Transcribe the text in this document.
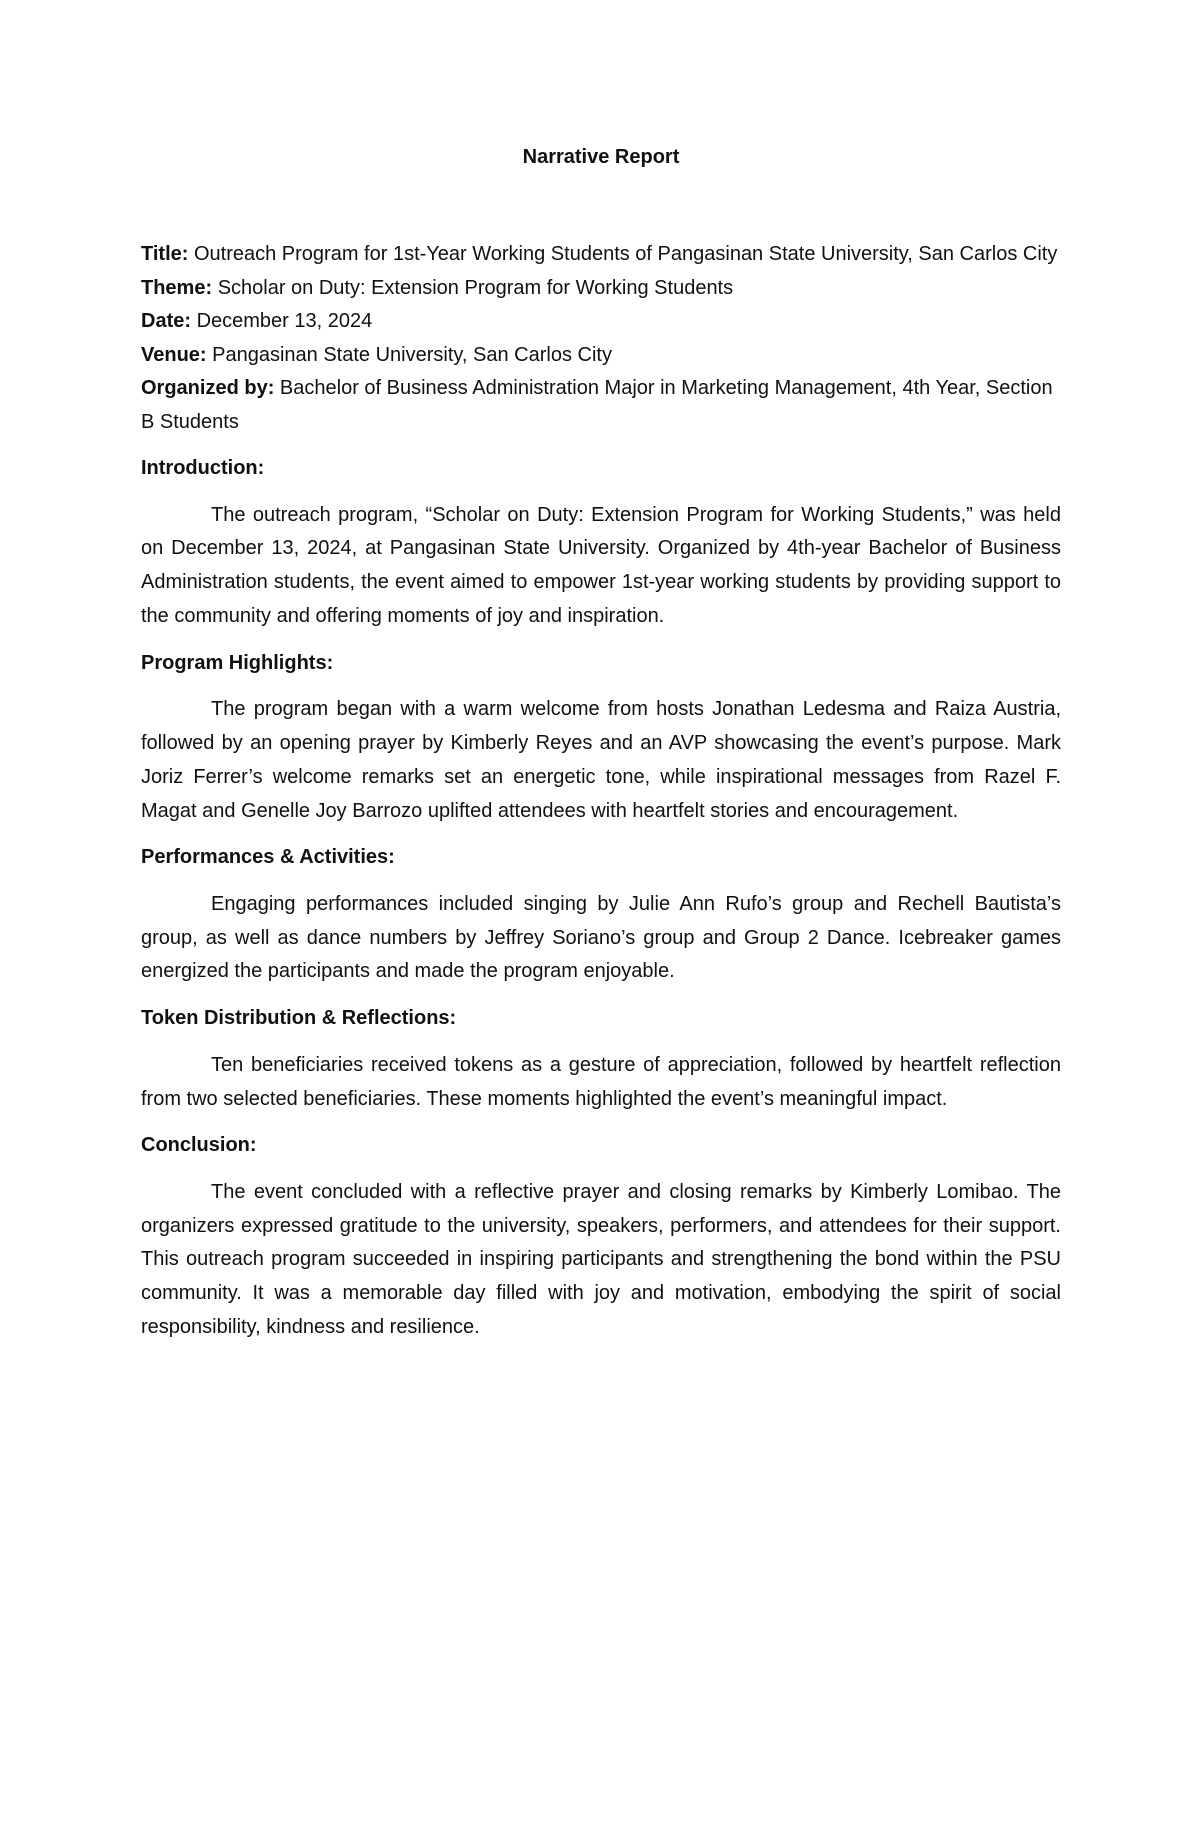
Narrative Report

Title: Outreach Program for 1st-Year Working Students of Pangasinan State University, San Carlos City

Theme: Scholar on Duty: Extension Program for Working Students

Date: December 13, 2024

Venue: Pangasinan State University, San Carlos City

Organized by: Bachelor of Business Administration Major in Marketing Management, 4th Year, Section B Students

Introduction:

The outreach program, “Scholar on Duty: Extension Program for Working Students,” was held on December 13, 2024, at Pangasinan State University. Organized by 4th-year Bachelor of Business Administration students, the event aimed to empower 1st-year working students by providing support to the community and offering moments of joy and inspiration.

Program Highlights:

The program began with a warm welcome from hosts Jonathan Ledesma and Raiza Austria, followed by an opening prayer by Kimberly Reyes and an AVP showcasing the event’s purpose. Mark Joriz Ferrer’s welcome remarks set an energetic tone, while inspirational messages from Razel F. Magat and Genelle Joy Barrozo uplifted attendees with heartfelt stories and encouragement.

Performances & Activities:

Engaging performances included singing by Julie Ann Rufo’s group and Rechell Bautista’s group, as well as dance numbers by Jeffrey Soriano’s group and Group 2 Dance. Icebreaker games energized the participants and made the program enjoyable.

Token Distribution & Reflections:

Ten beneficiaries received tokens as a gesture of appreciation, followed by heartfelt reflection from two selected beneficiaries. These moments highlighted the event’s meaningful impact.

Conclusion:

The event concluded with a reflective prayer and closing remarks by Kimberly Lomibao. The organizers expressed gratitude to the university, speakers, performers, and attendees for their support. This outreach program succeeded in inspiring participants and strengthening the bond within the PSU community. It was a memorable day filled with joy and motivation, embodying the spirit of social responsibility, kindness and resilience.
